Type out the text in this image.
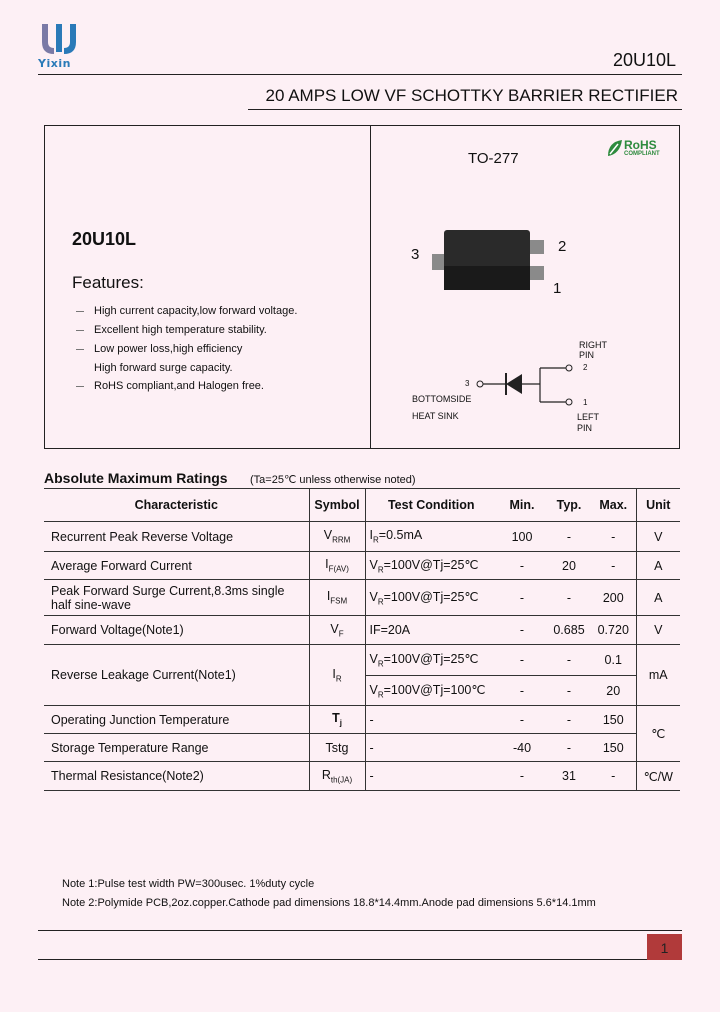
Yixin	20U10L
20 AMPS LOW VF SCHOTTKY BARRIER RECTIFIER
20U10L
Features:
High current capacity,low forward voltage.
Excellent high temperature stability.
Low power loss,high efficiency
High forward surge capacity.
RoHS compliant,and Halogen free.
TO-277
RoHS
COMPLIANT
3	2
1
RIGHT
PIN
2
3
1
BOTTOMSIDE
HEAT SINK	LEFT
PIN
Absolute Maximum Ratings (Ta=25℃ unless otherwise noted)
Characteristic	Symbol	Test Condition	Min.	Typ.	Max.	Unit
Recurrent Peak Reverse Voltage	$V_{RRM}$	$I_R=0.5mA$	100	-	-	V
Average Forward Current	$I_{F(AV)}$	$V_R=100V@Tj=25℃$	-	20	-	A
Peak Forward Surge Current,8.3ms single half sine-wave	$I_{FSM}$	$V_R=100V@Tj=25℃$	-	-	200	A
Forward Voltage(Note1)	$V_F$	IF=20A	-	0.685	0.720	V
Reverse Leakage Current(Note1)	$I_R$	$V_R=100V@Tj=25℃$	-	-	0.1	mA
		$V_R=100V@Tj=100℃$	-	-	20	
Operating Junction Temperature	$T_j$	-	-	-	150	℃
Storage Temperature Range	Tstg	-	-40	-	150	
Thermal Resistance(Note2)	$R_{th(JA)}$	-	-	31	-	℃/W
Note 1:Pulse test width PW=300usec. 1%duty cycle
Note 2:Polymide PCB,2oz.copper.Cathode pad dimensions 18.8*14.4mm.Anode pad dimensions 5.6*14.1mm
1
